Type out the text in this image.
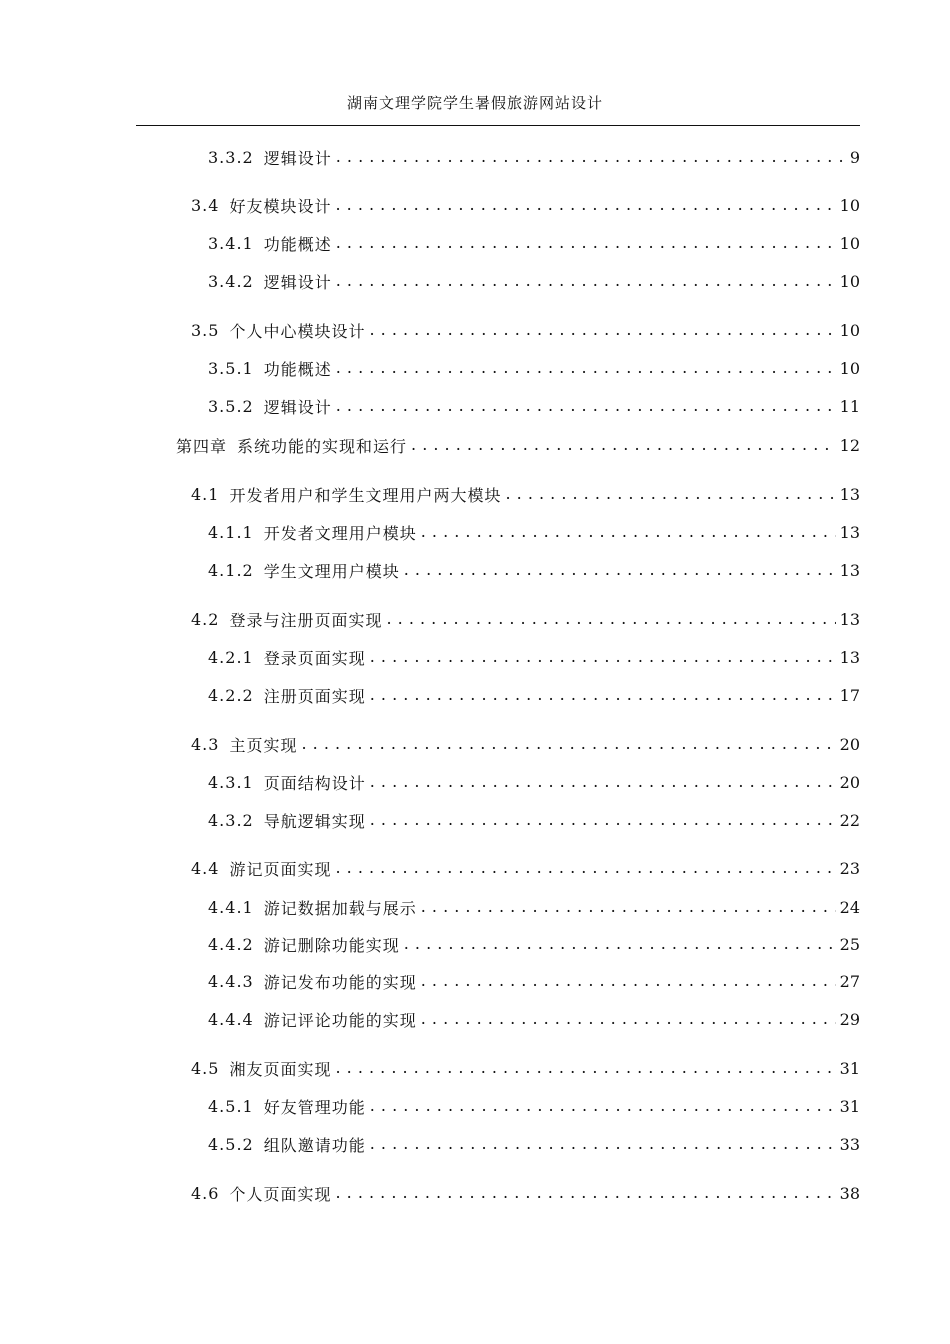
湖南文理学院学生暑假旅游网站设计
3.3.2 逻辑设计 . . .	9
3.4 好友模块设计 . . .	10
3.4.1 功能概述 . . .	10
3.4.2 逻辑设计 . . .	10
3.5 个人中心模块设计 . . .	10
3.5.1 功能概述 . . .	10
3.5.2 逻辑设计 . . .	11
第四章 系统功能的实现和运行 . . .	12
4.1 开发者用户和学生文理用户两大模块 . . .	13
4.1.1 开发者文理用户模块 . . .	13
4.1.2 学生文理用户模块 . . .	13
4.2 登录与注册页面实现 . . .	13
4.2.1 登录页面实现 . . .	13
4.2.2 注册页面实现 . . .	17
4.3 主页实现 . . .	20
4.3.1 页面结构设计 . . .	20
4.3.2 导航逻辑实现 . . .	22
4.4 游记页面实现 . . .	23
4.4.1 游记数据加载与展示 . . .	24
4.4.2 游记删除功能实现 . . .	25
4.4.3 游记发布功能的实现 . . .	27
4.4.4 游记评论功能的实现 . . .	29
4.5 湘友页面实现 . . .	31
4.5.1 好友管理功能 . . .	31
4.5.2 组队邀请功能 . . .	33
4.6 个人页面实现 . . .	38
